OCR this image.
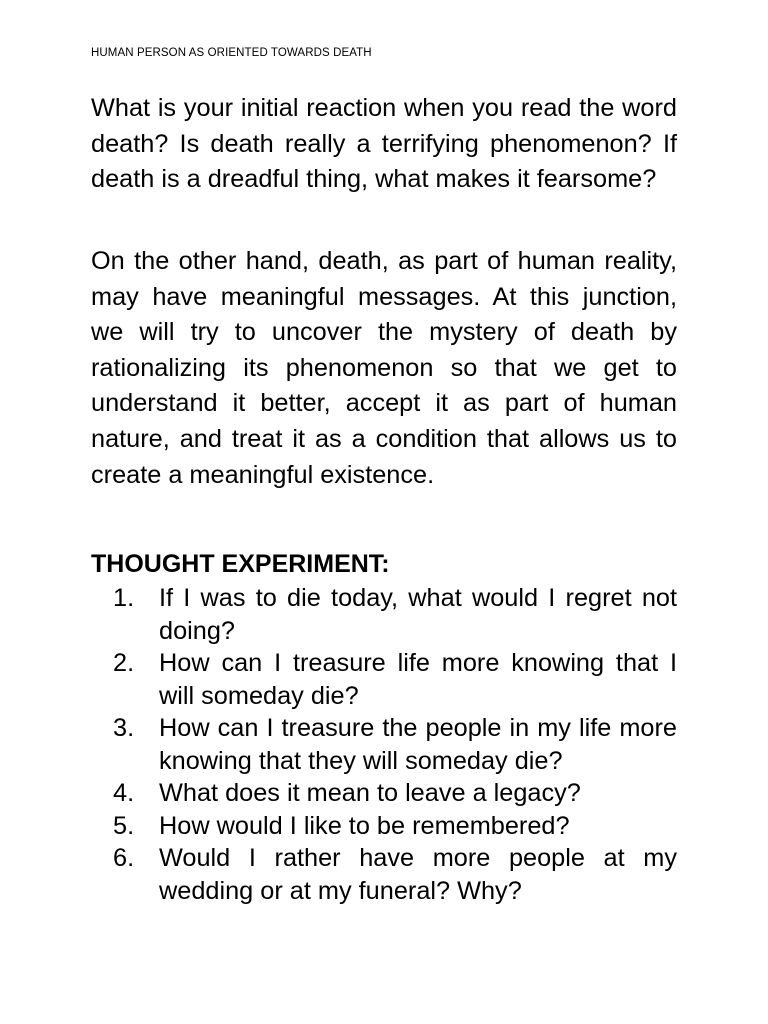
HUMAN PERSON AS ORIENTED TOWARDS DEATH

What is your initial reaction when you read the word death? Is death really a terrifying phenomenon? If death is a dreadful thing, what makes it fearsome?

On the other hand, death, as part of human reality, may have meaningful messages. At this junction, we will try to uncover the mystery of death by rationalizing its phenomenon so that we get to understand it better, accept it as part of human nature, and treat it as a condition that allows us to create a meaningful existence.

THOUGHT EXPERIMENT:
1. If I was to die today, what would I regret not doing?
2. How can I treasure life more knowing that I will someday die?
3. How can I treasure the people in my life more knowing that they will someday die?
4. What does it mean to leave a legacy?
5. How would I like to be remembered?
6. Would I rather have more people at my wedding or at my funeral? Why?
